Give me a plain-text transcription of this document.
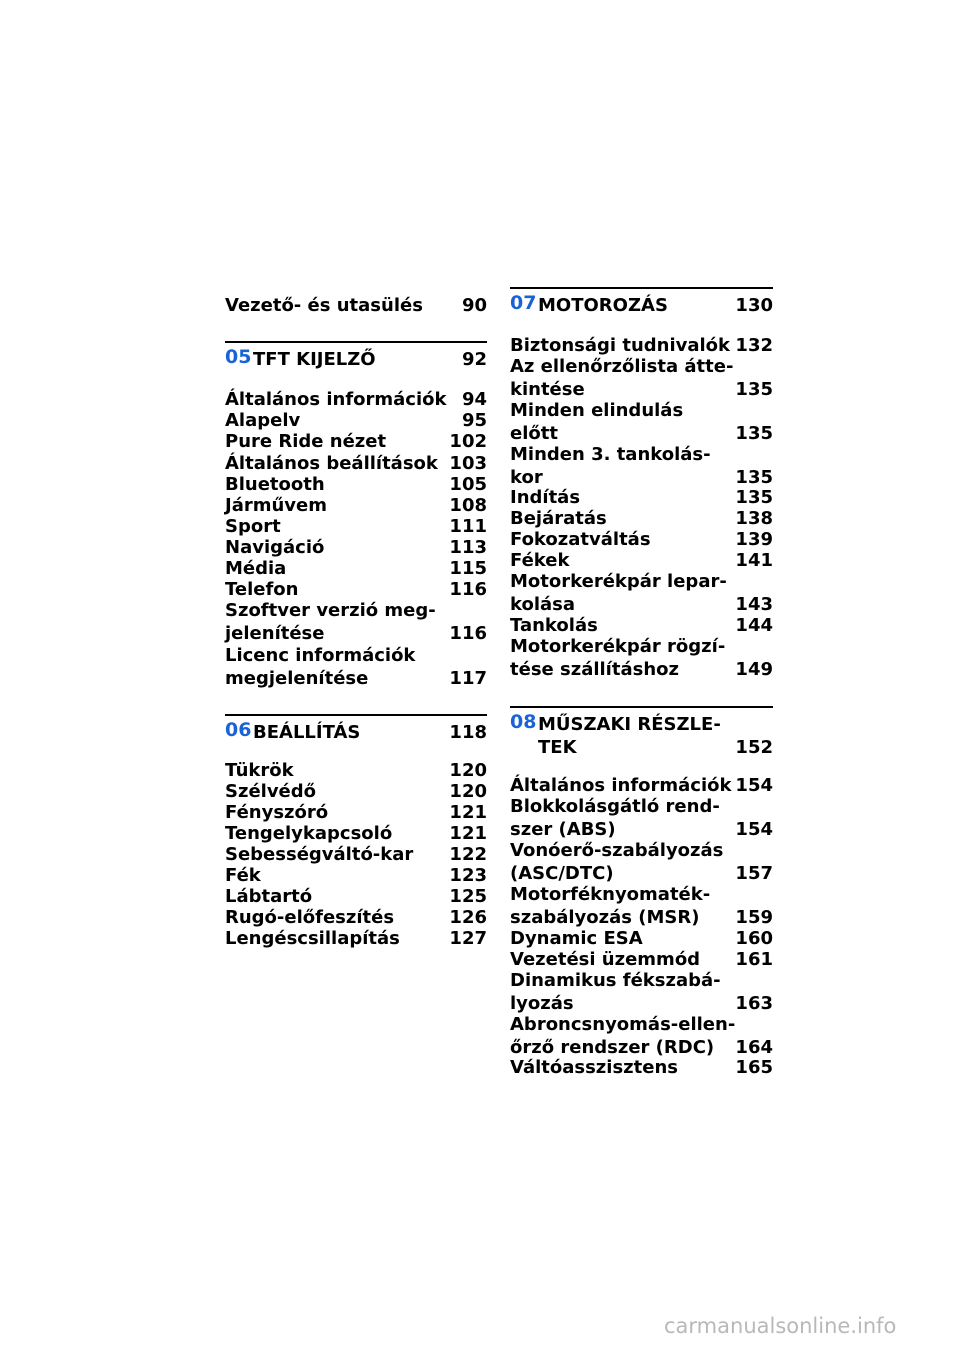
Vezető- és utasülés 90
05 TFT KIJELZŐ	92
Általános információk 94
Alapelv	95
Pure Ride nézet	102
Általános beállítások 103
Bluetooth	105
Járművem	108
Sport	111
Navigáció	113
Média	115
Telefon	116
Szoftver verzió meg-
jelenítése	116
Licenc információk
megjelenítése	117
06 BEÁLLÍTÁS	118
Tükrök	120
Szélvédő	120
Fényszóró	121
Tengelykapcsoló	121
Sebességváltó-kar 122
Fék	123
Lábtartó	125
Rugó-előfeszítés	126
Lengéscsillapítás	127
07 MOTOROZÁS	130
Biztonsági tudnivalók 132
Az ellenőrzőlista átte-
kintése	135
Minden elindulás
előtt	135
Minden 3. tankolás-
kor	135
Indítás	135
Bejáratás	138
Fokozatváltás	139
Fékek	141
Motorkerékpár lepar-
kolása	143
Tankolás	144
Motorkerékpár rögzí-
tése szállításhoz	149
08 MŰSZAKI RÉSZLE-
TEK	152
Általános információk 154
Blokkolásgátló rend-
szer (ABS)	154
Vonóerő-szabályozás
(ASC/DTC)	157
Motorféknyomaték-
szabályozás (MSR) 159
Dynamic ESA	160
Vezetési üzemmód 161
Dinamikus fékszabá-
lyozás	163
Abroncsnyomás-ellen-
őrző rendszer (RDC) 164
Váltóasszisztens	165
carmanualsonline.info
